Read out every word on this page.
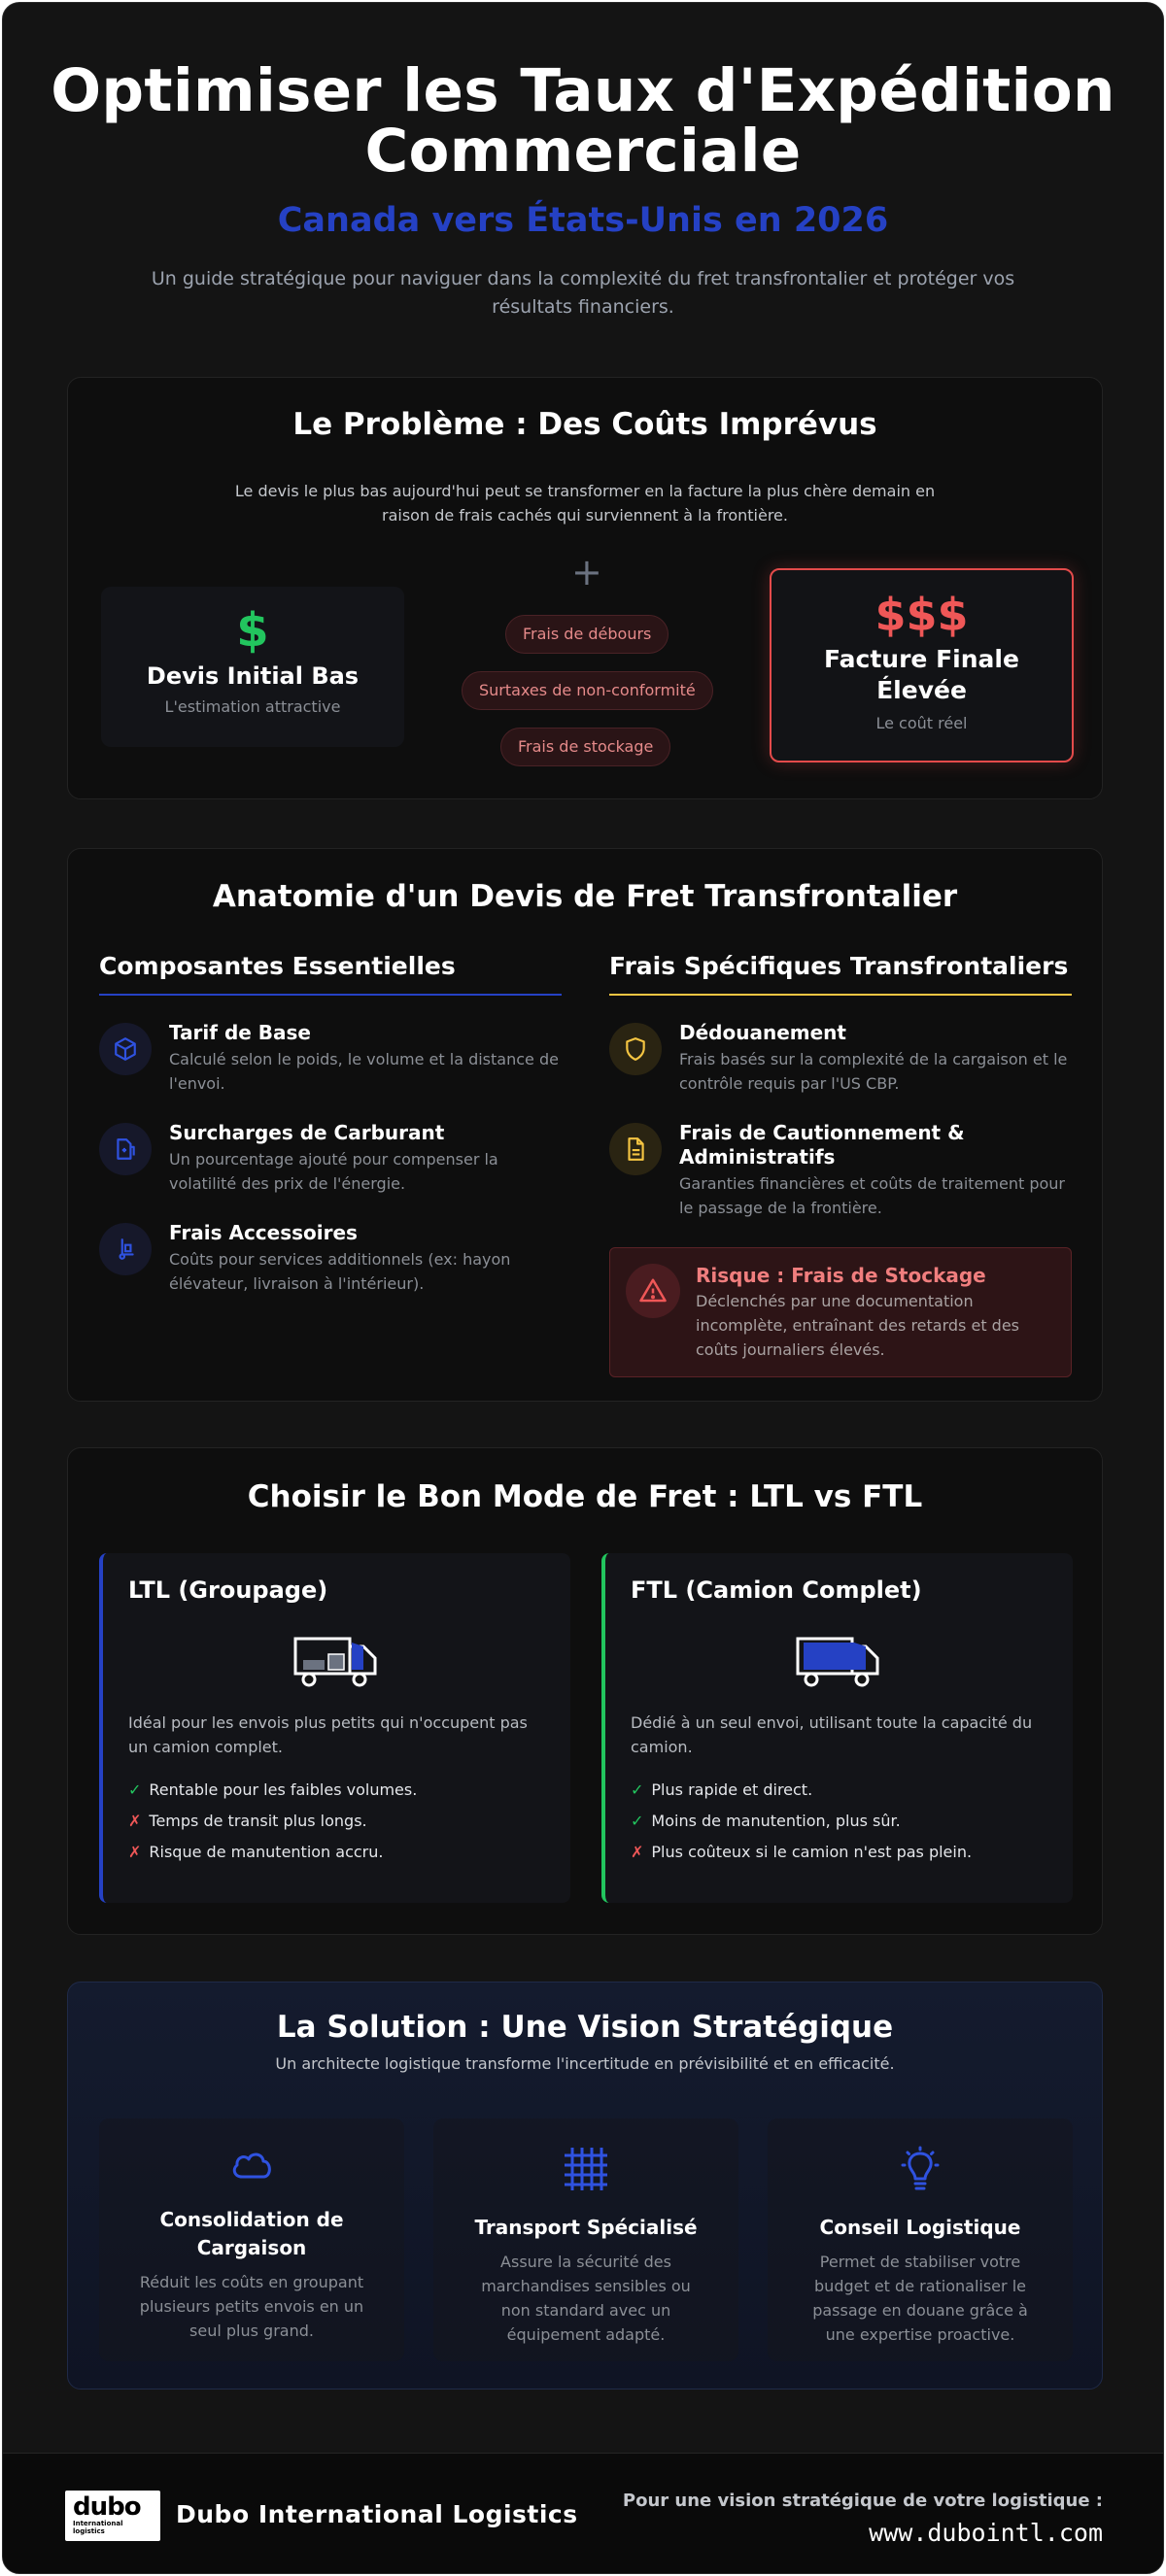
Optimiser les Taux d'Expédition
Commerciale
Canada vers États-Unis en 2026

Un guide stratégique pour naviguer dans la complexité du fret transfrontalier et protéger vos résultats financiers.

Le Problème : Des Coûts Imprévus
Le devis le plus bas aujourd'hui peut se transformer en la facture la plus chère demain en raison de frais cachés qui surviennent à la frontière.
$
Devis Initial Bas
L'estimation attractive
+
Frais de débours
Surtaxes de non-conformité
Frais de stockage
$$$
Facture Finale Élevée
Le coût réel
Anatomie d'un Devis de Fret Transfrontalier
Composantes Essentielles
Tarif de Base
Calculé selon le poids, le volume et la distance de l'envoi.
Surcharges de Carburant
Un pourcentage ajouté pour compenser la volatilité des prix de l'énergie.
Frais Accessoires
Coûts pour services additionnels (ex: hayon élévateur, livraison à l'intérieur).
Frais Spécifiques Transfrontaliers
Dédouanement
Frais basés sur la complexité de la cargaison et le contrôle requis par l'US CBP.
Frais de Cautionnement & Administratifs
Garanties financières et coûts de traitement pour le passage de la frontière.
Risque : Frais de Stockage
Déclenchés par une documentation incomplète, entraînant des retards et des coûts journaliers élevés.
Choisir le Bon Mode de Fret : LTL vs FTL
LTL (Groupage)
Idéal pour les envois plus petits qui n'occupent pas un camion complet.
✓ Rentable pour les faibles volumes.
✗ Temps de transit plus longs.
✗ Risque de manutention accru.
FTL (Camion Complet)
Dédié à un seul envoi, utilisant toute la capacité du camion.
✓ Plus rapide et direct.
✓ Moins de manutention, plus sûr.
✗ Plus coûteux si le camion n'est pas plein.
La Solution : Une Vision Stratégique
Un architecte logistique transforme l'incertitude en prévisibilité et en efficacité.
Consolidation de Cargaison
Réduit les coûts en groupant plusieurs petits envois en un seul plus grand.
Transport Spécialisé
Assure la sécurité des marchandises sensibles ou non standard avec un équipement adapté.
Conseil Logistique
Permet de stabiliser votre budget et de rationaliser le passage en douane grâce à une expertise proactive.
dubo
International
logistics
Dubo International Logistics	Pour une vision stratégique de votre logistique :
www.dubointl.com
